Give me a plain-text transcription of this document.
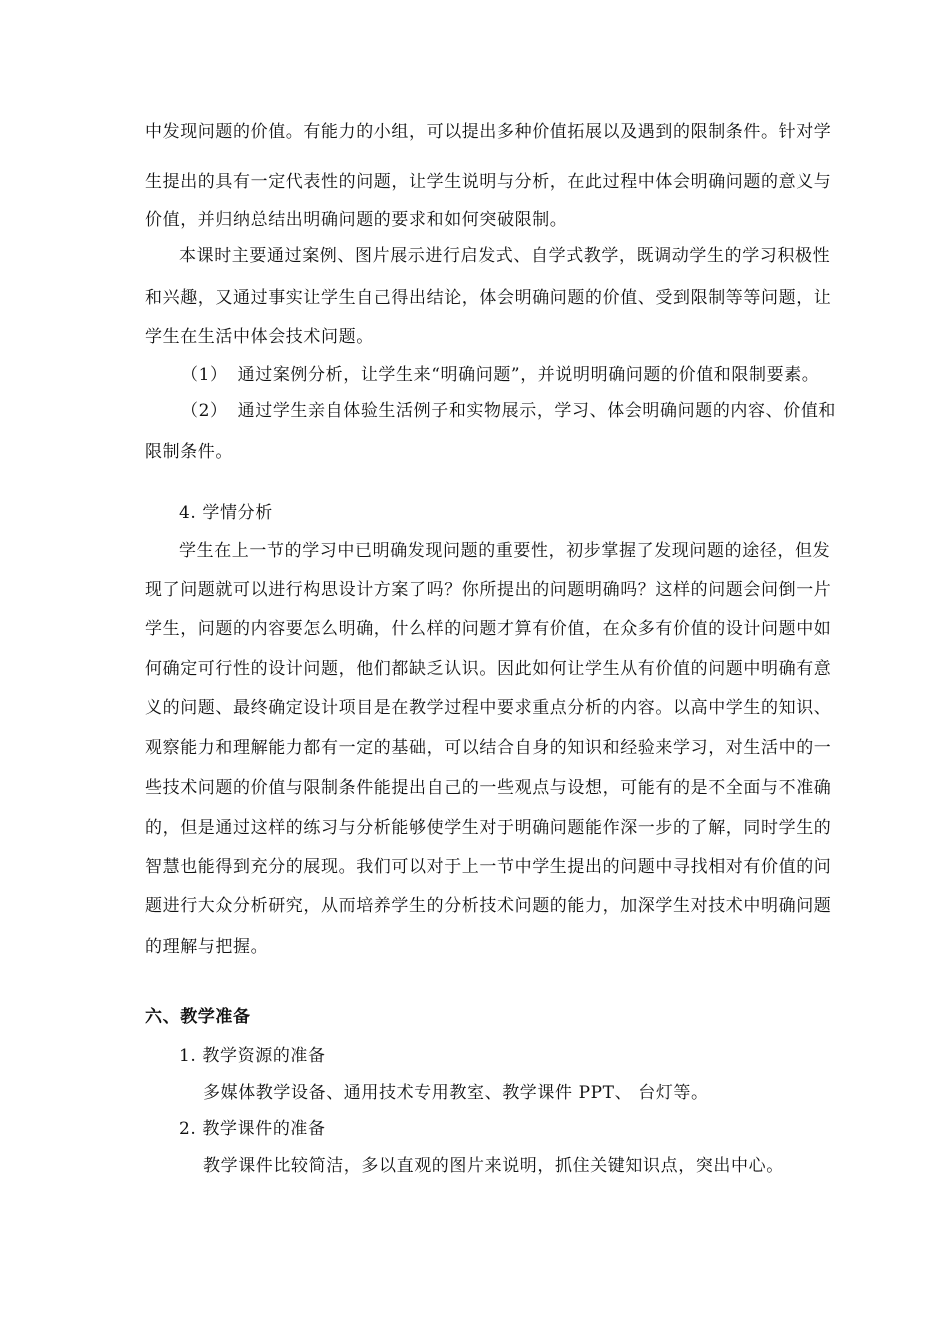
中发现问题的价值。有能力的小组，可以提出多种价值拓展以及遇到的限制条件。针对学
生提出的具有一定代表性的问题，让学生说明与分析，在此过程中体会明确问题的意义与
价值，并归纳总结出明确问题的要求和如何突破限制。
本课时主要通过案例、图片展示进行启发式、自学式教学，既调动学生的学习积极性
和兴趣，又通过事实让学生自己得出结论，体会明确问题的价值、受到限制等等问题，让
学生在生活中体会技术问题。
（1） 通过案例分析，让学生来“明确问题”，并说明明确问题的价值和限制要素。
（2） 通过学生亲自体验生活例子和实物展示，学习、体会明确问题的内容、价值和
限制条件。
4. 学情分析
学生在上一节的学习中已明确发现问题的重要性，初步掌握了发现问题的途径，但发
现了问题就可以进行构思设计方案了吗？你所提出的问题明确吗？这样的问题会问倒一片
学生，问题的内容要怎么明确，什么样的问题才算有价值，在众多有价值的设计问题中如
何确定可行性的设计问题，他们都缺乏认识。因此如何让学生从有价值的问题中明确有意
义的问题、最终确定设计项目是在教学过程中要求重点分析的内容。以高中学生的知识、
观察能力和理解能力都有一定的基础，可以结合自身的知识和经验来学习，对生活中的一
些技术问题的价值与限制条件能提出自己的一些观点与设想，可能有的是不全面与不准确
的，但是通过这样的练习与分析能够使学生对于明确问题能作深一步的了解，同时学生的
智慧也能得到充分的展现。我们可以对于上一节中学生提出的问题中寻找相对有价值的问
题进行大众分析研究，从而培养学生的分析技术问题的能力，加深学生对技术中明确问题
的理解与把握。
六、教学准备
1. 教学资源的准备
多媒体教学设备、通用技术专用教室、教学课件 PPT、 台灯等。
2. 教学课件的准备
教学课件比较简洁，多以直观的图片来说明，抓住关键知识点，突出中心。
